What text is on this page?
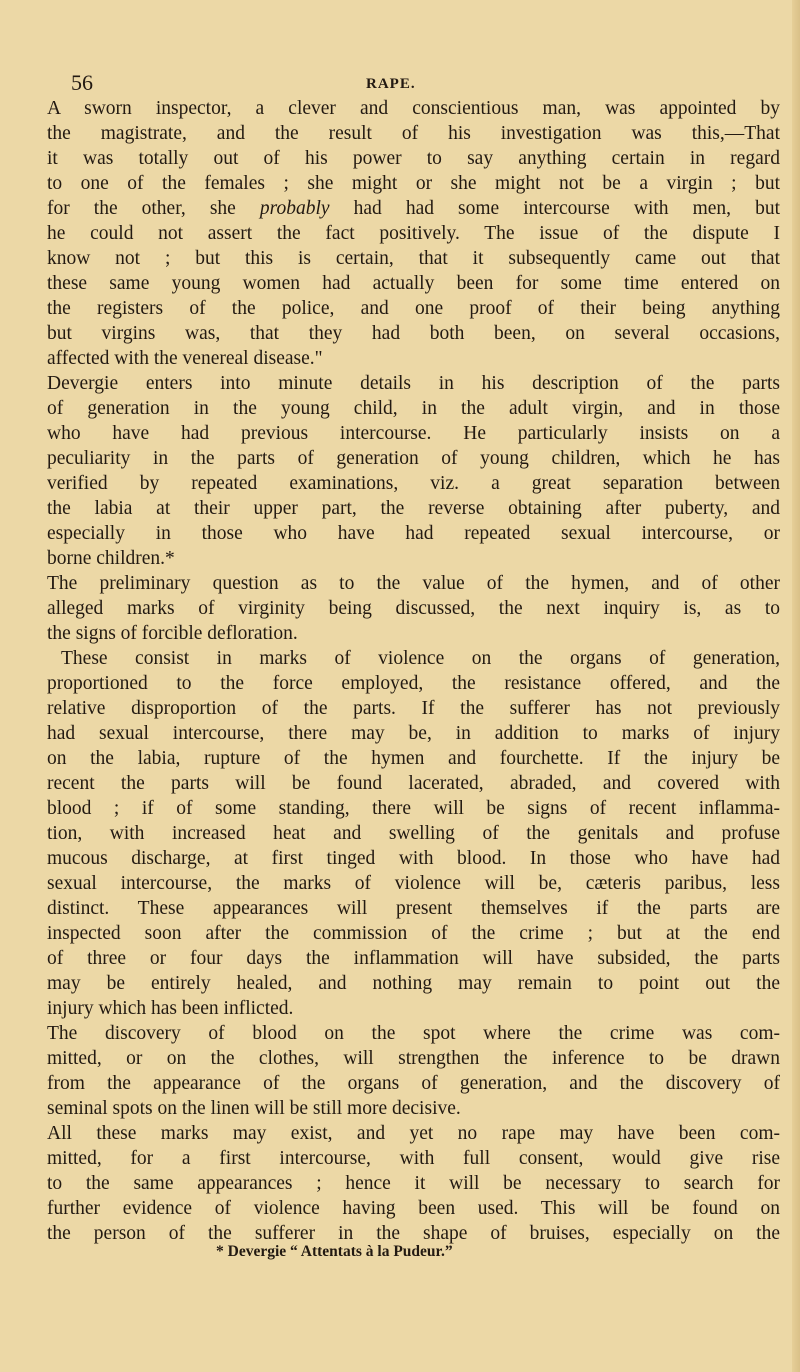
56	RAPE.
A sworn inspector, a clever and conscientious man, was appointed by
the magistrate, and the result of his investigation was this,—That
it was totally out of his power to say anything certain in regard
to one of the females ; she might or she might not be a virgin ; but
for the other, she probably had had some intercourse with men, but
he could not assert the fact positively. The issue of the dispute I
know not ; but this is certain, that it subsequently came out that
these same young women had actually been for some time entered on
the registers of the police, and one proof of their being anything
but virgins was, that they had both been, on several occasions,
affected with the venereal disease."
Devergie enters into minute details in his description of the parts
of generation in the young child, in the adult virgin, and in those
who have had previous intercourse. He particularly insists on a
peculiarity in the parts of generation of young children, which he has
verified by repeated examinations, viz. a great separation between
the labia at their upper part, the reverse obtaining after puberty, and
especially in those who have had repeated sexual intercourse, or
borne children.*
The preliminary question as to the value of the hymen, and of other
alleged marks of virginity being discussed, the next inquiry is, as to
the signs of forcible defloration.
These consist in marks of violence on the organs of generation,
proportioned to the force employed, the resistance offered, and the
relative disproportion of the parts. If the sufferer has not previously
had sexual intercourse, there may be, in addition to marks of injury
on the labia, rupture of the hymen and fourchette. If the injury be
recent the parts will be found lacerated, abraded, and covered with
blood ; if of some standing, there will be signs of recent inflamma-
tion, with increased heat and swelling of the genitals and profuse
mucous discharge, at first tinged with blood. In those who have had
sexual intercourse, the marks of violence will be, cæteris paribus, less
distinct. These appearances will present themselves if the parts are
inspected soon after the commission of the crime ; but at the end
of three or four days the inflammation will have subsided, the parts
may be entirely healed, and nothing may remain to point out the
injury which has been inflicted.
The discovery of blood on the spot where the crime was com-
mitted, or on the clothes, will strengthen the inference to be drawn
from the appearance of the organs of generation, and the discovery of
seminal spots on the linen will be still more decisive.
All these marks may exist, and yet no rape may have been com-
mitted, for a first intercourse, with full consent, would give rise
to the same appearances ; hence it will be necessary to search for
further evidence of violence having been used. This will be found on
the person of the sufferer in the shape of bruises, especially on the
* Devergie “ Attentats à la Pudeur.”
